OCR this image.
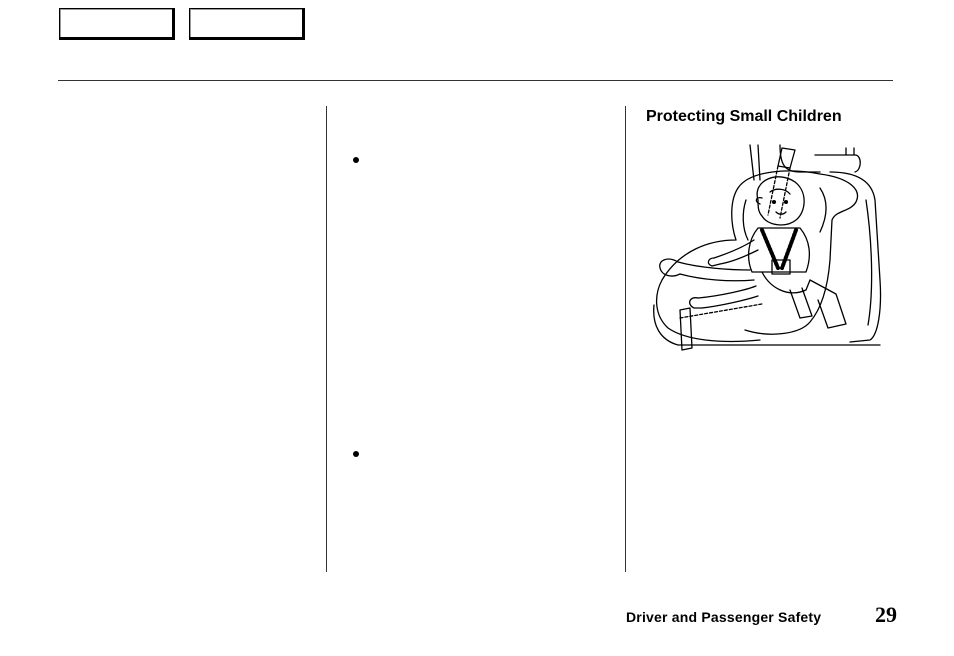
Protecting Small Children
Driver and Passenger Safety 29
